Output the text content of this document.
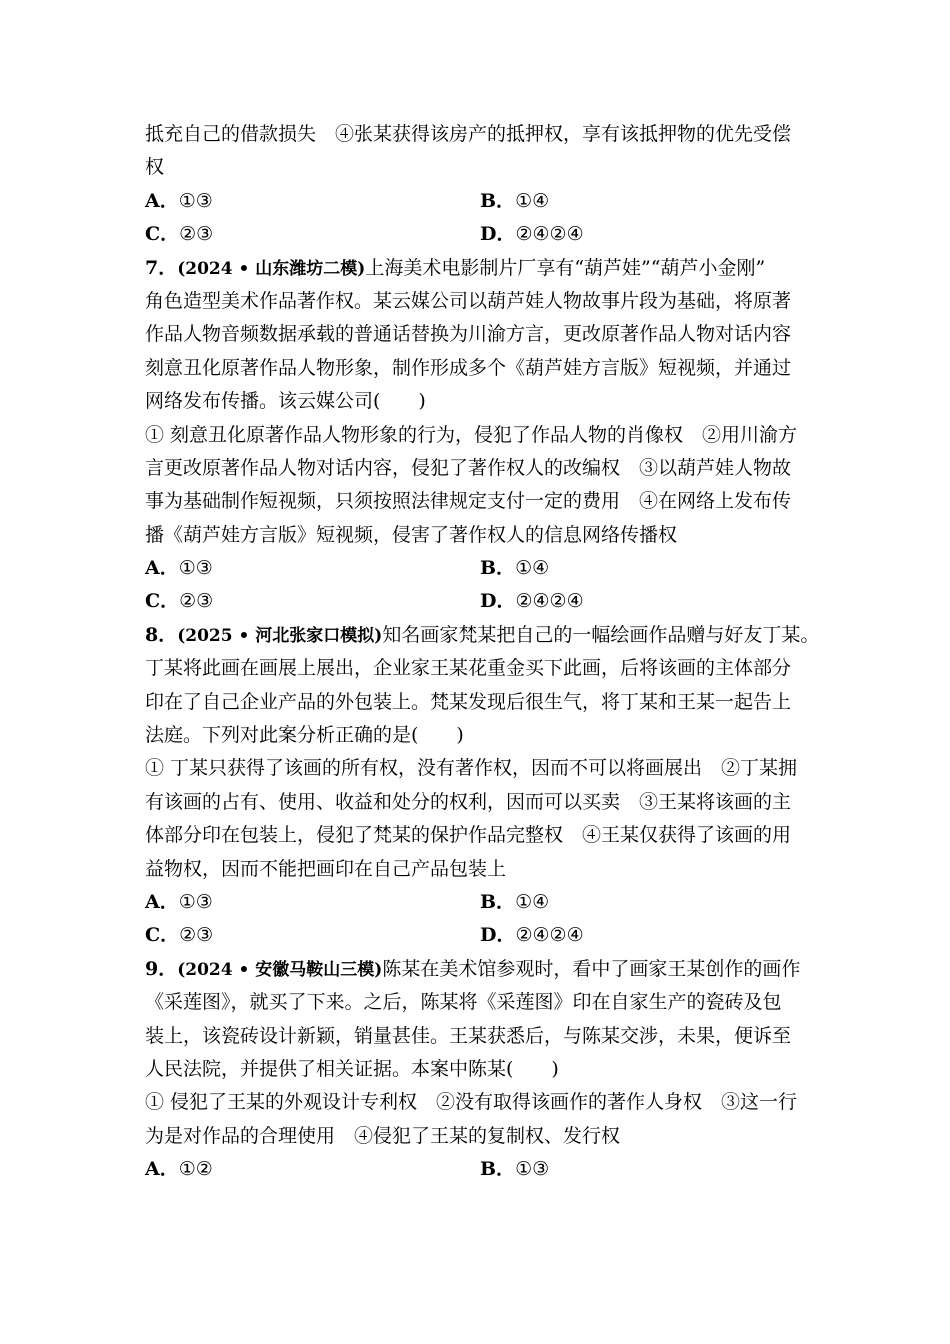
抵充自己的借款损失　④张某获得该房产的抵押权，享有该抵押物的优先受偿
权
A．①③	B．①④
C．②③	D．②④②④
7．(2024 • 山东潍坊二模)上海美术电影制片厂享有“葫芦娃”“葫芦小金刚”
角色造型美术作品著作权。某云媒公司以葫芦娃人物故事片段为基础，将原著
作品人物音频数据承载的普通话替换为川渝方言，更改原著作品人物对话内容
刻意丑化原著作品人物形象，制作形成多个《葫芦娃方言版》短视频，并通过
网络发布传播。该云媒公司(　　)
① 刻意丑化原著作品人物形象的行为，侵犯了作品人物的肖像权　②用川渝方
言更改原著作品人物对话内容，侵犯了著作权人的改编权　③以葫芦娃人物故
事为基础制作短视频，只须按照法律规定支付一定的费用　④在网络上发布传
播《葫芦娃方言版》短视频，侵害了著作权人的信息网络传播权
A．①③	B．①④
C．②③	D．②④②④
8．(2025 • 河北张家口模拟)知名画家梵某把自己的一幅绘画作品赠与好友丁某。
丁某将此画在画展上展出，企业家王某花重金买下此画，后将该画的主体部分
印在了自己企业产品的外包装上。梵某发现后很生气，将丁某和王某一起告上
法庭。下列对此案分析正确的是(　　)
① 丁某只获得了该画的所有权，没有著作权，因而不可以将画展出　②丁某拥
有该画的占有、使用、收益和处分的权利，因而可以买卖　③王某将该画的主
体部分印在包装上，侵犯了梵某的保护作品完整权　④王某仅获得了该画的用
益物权，因而不能把画印在自己产品包装上
A．①③	B．①④
C．②③	D．②④②④
9．(2024 • 安徽马鞍山三模)陈某在美术馆参观时，看中了画家王某创作的画作
《采莲图》，就买了下来。之后，陈某将《采莲图》印在自家生产的瓷砖及包
装上，该瓷砖设计新颖，销量甚佳。王某获悉后，与陈某交涉，未果，便诉至
人民法院，并提供了相关证据。本案中陈某(　　)
① 侵犯了王某的外观设计专利权　②没有取得该画作的著作人身权　③这一行
为是对作品的合理使用　④侵犯了王某的复制权、发行权
A．①②	B．①③
